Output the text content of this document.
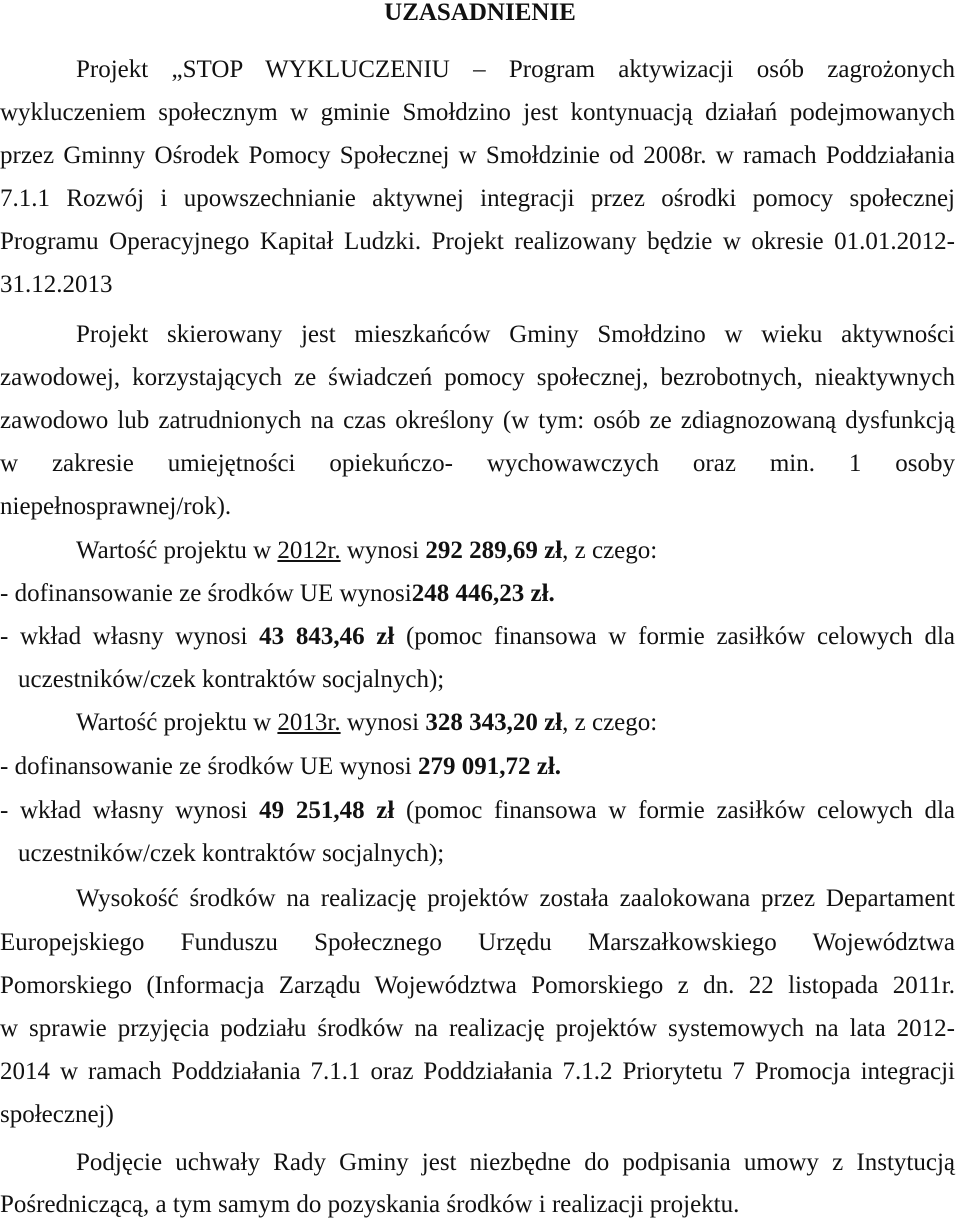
UZASADNIENIE

Projekt „STOP WYKLUCZENIU – Program aktywizacji osób zagrożonych

wykluczeniem społecznym w gminie Smołdzino jest kontynuacją działań podejmowanych

przez Gminny Ośrodek Pomocy Społecznej w Smołdzinie od 2008r. w ramach Poddziałania

7.1.1 Rozwój i upowszechnianie aktywnej integracji przez ośrodki pomocy społecznej

Programu Operacyjnego Kapitał Ludzki. Projekt realizowany będzie w okresie 01.01.2012-

31.12.2013

Projekt skierowany jest mieszkańców Gminy Smołdzino w wieku aktywności

zawodowej, korzystających ze świadczeń pomocy społecznej, bezrobotnych, nieaktywnych

zawodowo lub zatrudnionych na czas określony (w tym: osób ze zdiagnozowaną dysfunkcją

w zakresie umiejętności opiekuńczo- wychowawczych oraz min. 1 osoby

niepełnosprawnej/rok).

Wartość projektu w 2012r. wynosi 292 289,69 zł, z czego:

- dofinansowanie ze środków UE wynosi248 446,23 zł.

- wkład własny wynosi 43 843,46 zł (pomoc finansowa w formie zasiłków celowych dla

uczestników/czek kontraktów socjalnych);

Wartość projektu w 2013r. wynosi 328 343,20 zł, z czego:

- dofinansowanie ze środków UE wynosi 279 091,72 zł.

- wkład własny wynosi 49 251,48 zł (pomoc finansowa w formie zasiłków celowych dla

uczestników/czek kontraktów socjalnych);

Wysokość środków na realizację projektów została zaalokowana przez Departament

Europejskiego Funduszu Społecznego Urzędu Marszałkowskiego Województwa

Pomorskiego (Informacja Zarządu Województwa Pomorskiego z dn. 22 listopada 2011r.

w sprawie przyjęcia podziału środków na realizację projektów systemowych na lata 2012-

2014 w ramach Poddziałania 7.1.1 oraz Poddziałania 7.1.2 Priorytetu 7 Promocja integracji

społecznej)

Podjęcie uchwały Rady Gminy jest niezbędne do podpisania umowy z Instytucją

Pośredniczącą, a tym samym do pozyskania środków i realizacji projektu.
